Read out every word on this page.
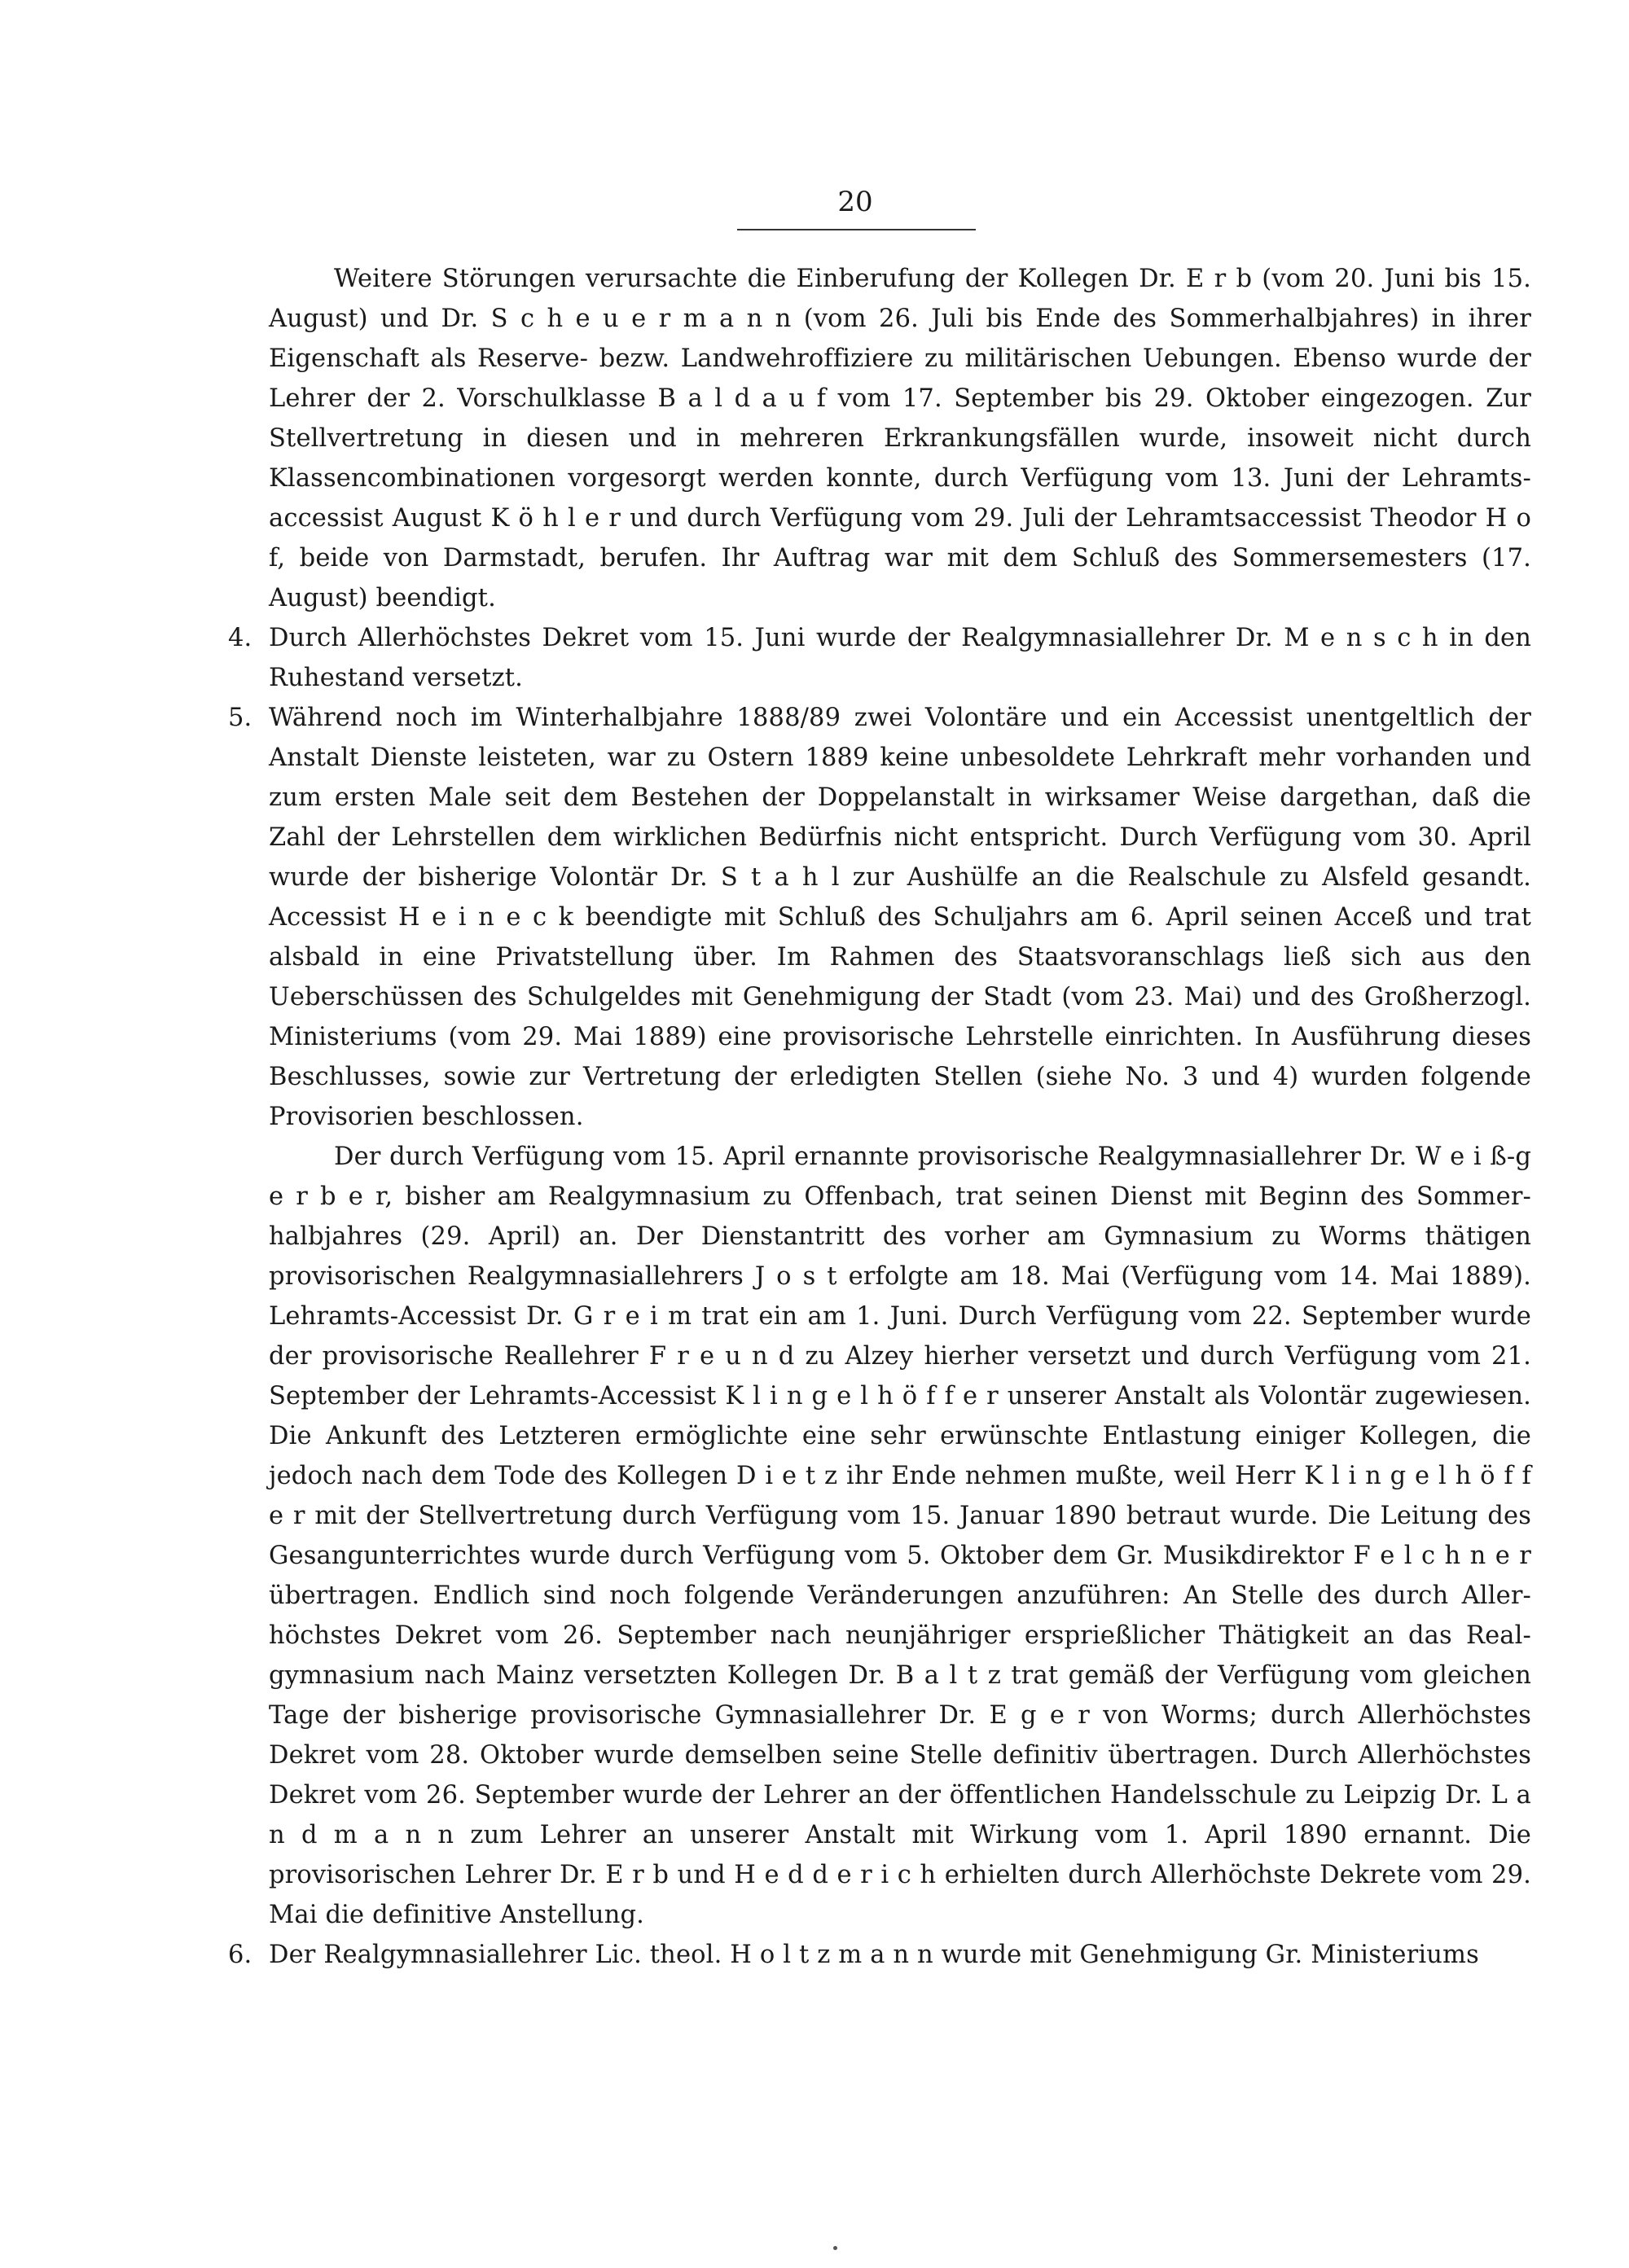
20

Weitere Störungen verursachte die Einberufung der Kollegen Dr. E r b (vom 20. Juni bis 15. August) und Dr. S c h e u e r m a n n (vom 26. Juli bis Ende des Sommerhalbjahres) in ihrer Eigenschaft als Reserve- bezw. Landwehroffiziere zu militärischen Uebungen. Ebenso wurde der Lehrer der 2. Vorschulklasse B a l d a u f vom 17. September bis 29. Oktober eingezogen. Zur Stellvertretung in diesen und in mehreren Erkrankungsfällen wurde, insoweit nicht durch Klassencombinationen vorgesorgt werden konnte, durch Verfügung vom 13. Juni der Lehramts-accessist August K ö h l e r und durch Verfügung vom 29. Juli der Lehramtsaccessist Theodor H o f, beide von Darmstadt, berufen. Ihr Auftrag war mit dem Schluß des Sommersemesters (17. August) beendigt.

4. Durch Allerhöchstes Dekret vom 15. Juni wurde der Realgymnasiallehrer Dr. M e n s c h in den Ruhestand versetzt.

5. Während noch im Winterhalbjahre 1888/89 zwei Volontäre und ein Accessist unentgeltlich der Anstalt Dienste leisteten, war zu Ostern 1889 keine unbesoldete Lehrkraft mehr vorhanden und zum ersten Male seit dem Bestehen der Doppelanstalt in wirksamer Weise dargethan, daß die Zahl der Lehrstellen dem wirklichen Bedürfnis nicht entspricht. Durch Verfügung vom 30. April wurde der bisherige Volontär Dr. S t a h l zur Aushülfe an die Realschule zu Alsfeld gesandt. Accessist H e i n e c k beendigte mit Schluß des Schuljahrs am 6. April seinen Accеß und trat alsbald in eine Privatstellung über. Im Rahmen des Staatsvoranschlags ließ sich aus den Ueberschüssen des Schulgeldes mit Genehmigung der Stadt (vom 23. Mai) und des Großherzogl. Ministeriums (vom 29. Mai 1889) eine provisorische Lehrstelle einrichten. In Ausführung dieses Beschlusses, sowie zur Vertretung der erledigten Stellen (siehe No. 3 und 4) wurden folgende Provisorien beschlossen.

Der durch Verfügung vom 15. April ernannte provisorische Realgymnasiallehrer Dr. W e i ß-g e r b e r, bisher am Realgymnasium zu Offenbach, trat seinen Dienst mit Beginn des Sommer-halbjahres (29. April) an. Der Dienstantritt des vorher am Gymnasium zu Worms thätigen provisorischen Realgymnasiallehrers J o s t erfolgte am 18. Mai (Verfügung vom 14. Mai 1889). Lehramts-Accessist Dr. G r e i m trat ein am 1. Juni. Durch Verfügung vom 22. September wurde der provisorische Reallehrer F r e u n d zu Alzey hierher versetzt und durch Verfügung vom 21. September der Lehramts-Accessist K l i n g e l h ö f f e r unserer Anstalt als Volontär zugewiesen. Die Ankunft des Letzteren ermöglichte eine sehr erwünschte Entlastung einiger Kollegen, die jedoch nach dem Tode des Kollegen D i e t z ihr Ende nehmen mußte, weil Herr K l i n g e l h ö f f e r mit der Stellvertretung durch Verfügung vom 15. Januar 1890 betraut wurde. Die Leitung des Gesangunterrichtes wurde durch Verfügung vom 5. Oktober dem Gr. Musikdirektor F e l c h n e r übertragen. Endlich sind noch folgende Veränderungen anzuführen: An Stelle des durch Aller-höchstes Dekret vom 26. September nach neunjähriger ersprießlicher Thätigkeit an das Real-gymnasium nach Mainz versetzten Kollegen Dr. B a l t z trat gemäß der Verfügung vom gleichen Tage der bisherige provisorische Gymnasiallehrer Dr. E g e r von Worms; durch Allerhöchstes Dekret vom 28. Oktober wurde demselben seine Stelle definitiv übertragen. Durch Allerhöchstes Dekret vom 26. September wurde der Lehrer an der öffentlichen Handelsschule zu Leipzig Dr. L a n d m a n n zum Lehrer an unserer Anstalt mit Wirkung vom 1. April 1890 ernannt. Die provisorischen Lehrer Dr. E r b und H e d d e r i c h erhielten durch Allerhöchste Dekrete vom 29. Mai die definitive Anstellung.

6. Der Realgymnasiallehrer Lic. theol. H o l t z m a n n wurde mit Genehmigung Gr. Ministeriums
